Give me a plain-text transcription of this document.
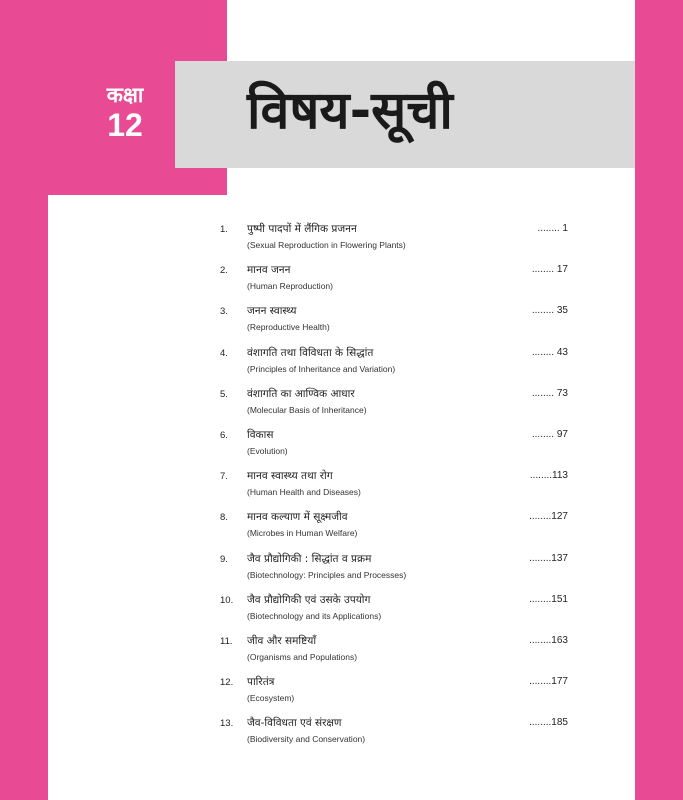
कक्षा
12	विषय-सूची
1. पुष्पी पादपों में लैंगिक प्रजनन
(Sexual Reproduction in Flowering Plants)
........ 1
2. मानव जनन
(Human Reproduction)
........ 17
3. जनन स्वास्थ्य
(Reproductive Health)
........ 35
4. वंशागति तथा विविधता के सिद्धांत
(Principles of Inheritance and Variation)
........ 43
5. वंशागति का आण्विक आधार
(Molecular Basis of Inheritance)
........ 73
6. विकास
(Evolution)
........ 97
7. मानव स्वास्थ्य तथा रोग
(Human Health and Diseases)
........113
8. मानव कल्याण में सूक्ष्मजीव
(Microbes in Human Welfare)
........127
9. जैव प्रौद्योगिकी : सिद्धांत व प्रक्रम
(Biotechnology: Principles and Processes)
........137
10. जैव प्रौद्योगिकी एवं उसके उपयोग
(Biotechnology and its Applications)
........151
11. जीव और समष्टियाँ
(Organisms and Populations)
........163
12. पारितंत्र
(Ecosystem)
........177
13. जैव-विविधता एवं संरक्षण
(Biodiversity and Conservation)
........185
